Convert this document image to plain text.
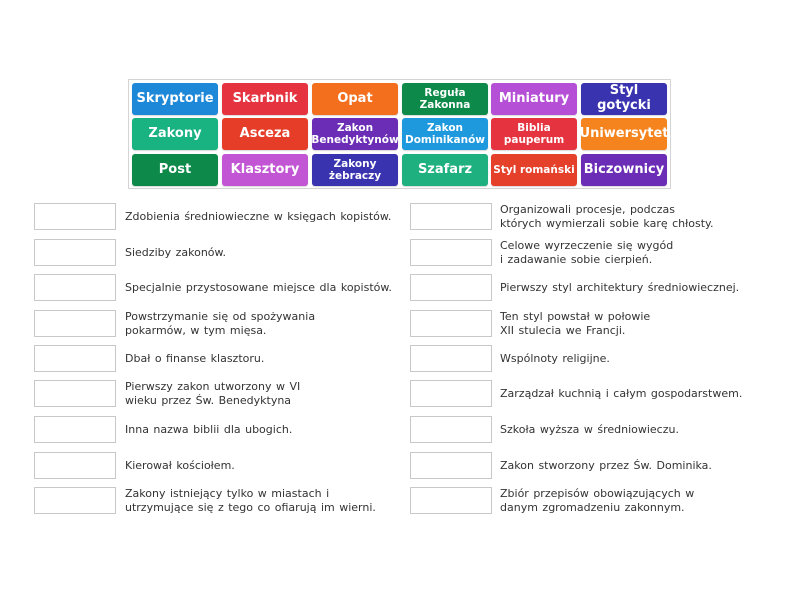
Skryptorie	Skarbnik	Opat	Reguła
Zakonna	Miniatury	Styl gotycki
Zakony	Asceza	Zakon
Benedyktynów
Zakon
Dominikanów
Biblia
pauperum	Uniwersytet
Post	Klasztory	Zakony
żebraczy	Szafarz	Styl romański Biczownicy
Zdobienia średniowieczne w księgach kopistów.
Siedziby zakonów.
Specjalnie przystosowane miejsce dla kopistów.
Powstrzymanie się od spożywania
pokarmów, w tym mięsa.
Dbał o finanse klasztoru.
Pierwszy zakon utworzony w VI
wieku przez Św. Benedyktyna
Inna nazwa biblii dla ubogich.
Kierował kościołem.
Zakony istniejący tylko w miastach i
utrzymujące się z tego co ofiarują im wierni.
Organizowali procesje, podczas
których wymierzali sobie karę chłosty.
Celowe wyrzeczenie się wygód
i zadawanie sobie cierpień.
Pierwszy styl architektury średniowiecznej.
Ten styl powstał w połowie
XII stulecia we Francji.
Wspólnoty religijne.
Zarządzał kuchnią i całym gospodarstwem.
Szkoła wyższa w średniowieczu.
Zakon stworzony przez Św. Dominika.
Zbiór przepisów obowiązujących w
danym zgromadzeniu zakonnym.
